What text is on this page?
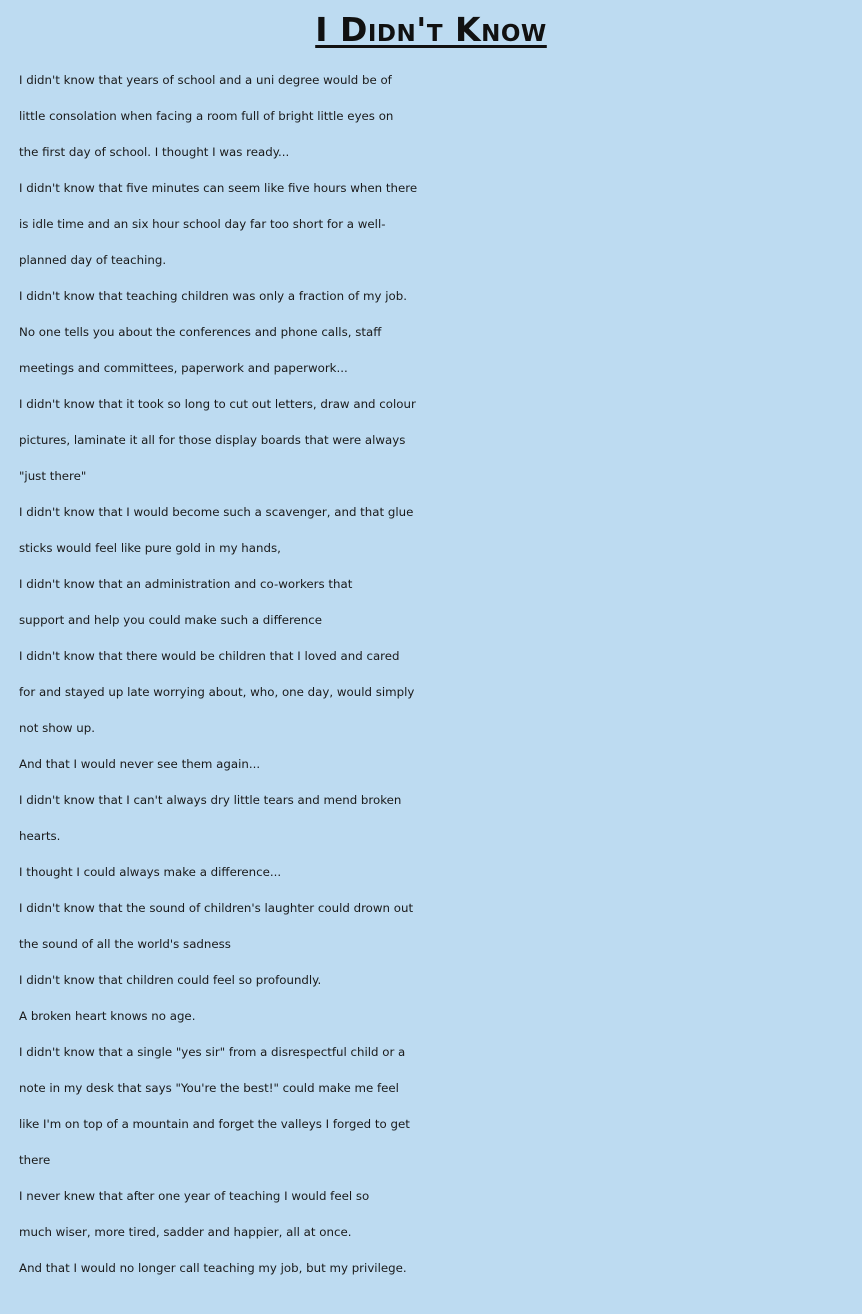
I Didn't Know
I didn't know that years of school and a uni degree would be of
little consolation when facing a room full of bright little eyes on
the first day of school. I thought I was ready...
I didn't know that five minutes can seem like five hours when there
is idle time and an six hour school day far too short for a well-
planned day of teaching.
I didn't know that teaching children was only a fraction of my job.
No one tells you about the conferences and phone calls, staff
meetings and committees, paperwork and paperwork...
I didn't know that it took so long to cut out letters, draw and colour
pictures, laminate it all for those display boards that were always
"just there"
I didn't know that I would become such a scavenger, and that glue
sticks would feel like pure gold in my hands,
I didn't know that an administration and co-workers that
support and help you could make such a difference
I didn't know that there would be children that I loved and cared
for and stayed up late worrying about, who, one day, would simply
not show up.
And that I would never see them again...
I didn't know that I can't always dry little tears and mend broken
hearts.
I thought I could always make a difference...
I didn't know that the sound of children's laughter could drown out
the sound of all the world's sadness
I didn't know that children could feel so profoundly.
A broken heart knows no age.
I didn't know that a single "yes sir" from a disrespectful child or a
note in my desk that says "You're the best!" could make me feel
like I'm on top of a mountain and forget the valleys I forged to get
there
I never knew that after one year of teaching I would feel so
much wiser, more tired, sadder and happier, all at once.
And that I would no longer call teaching my job, but my privilege.
